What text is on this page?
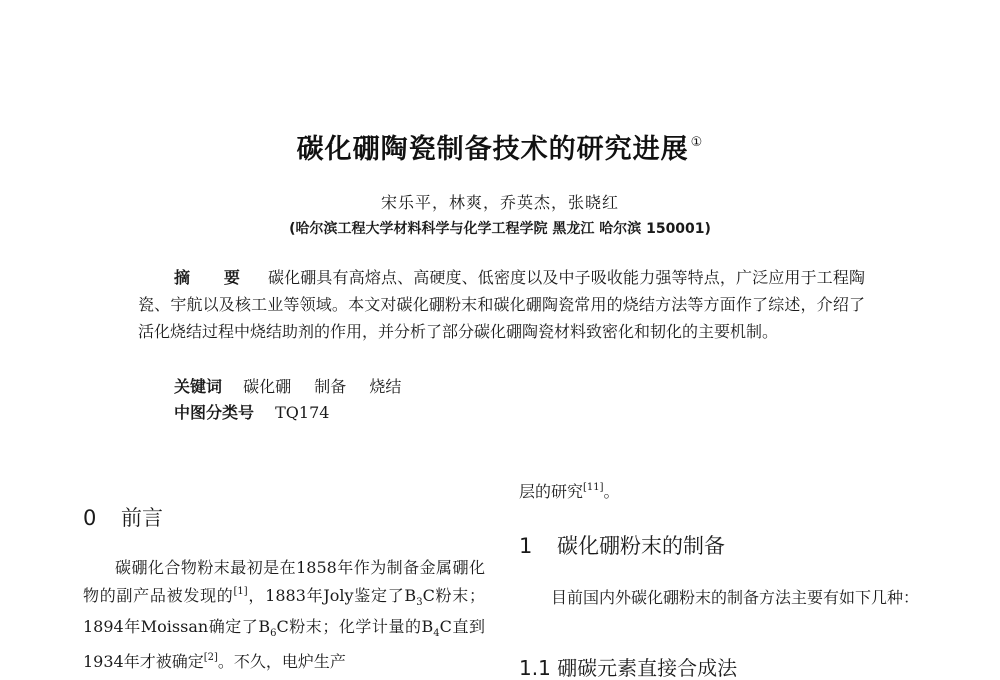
碳化硼陶瓷制备技术的研究进展 ①
宋乐平，林爽，乔英杰，张晓红
(哈尔滨工程大学材料科学与化学工程学院 黑龙江 哈尔滨 150001)
摘 要 碳化硼具有高熔点、高硬度、低密度以及中子吸收能力强等特点，广泛应用于工程陶瓷、宇航以及核工业等领域。本文对碳化硼粉末和碳化硼陶瓷常用的烧结方法等方面作了综述，介绍了活化烧结过程中烧结助剂的作用，并分析了部分碳化硼陶瓷材料致密化和韧化的主要机制。
关键词 碳化硼 制备 烧结
中图分类号 TQ174
0 前言

碳硼化合物粉末最初是在1858年作为制备金属硼化物的副产品被发现的[1]，1883年Joly鉴定了$B_3C$粉末；1894年Moissan确定了$B_6C$粉末；化学计量的$B_4C$直到1934年才被确定[2]。不久，电炉生产

层的研究[11]。

1 碳化硼粉末的制备

目前国内外碳化硼粉末的制备方法主要有如下几种：

1.1 硼碳元素直接合成法
